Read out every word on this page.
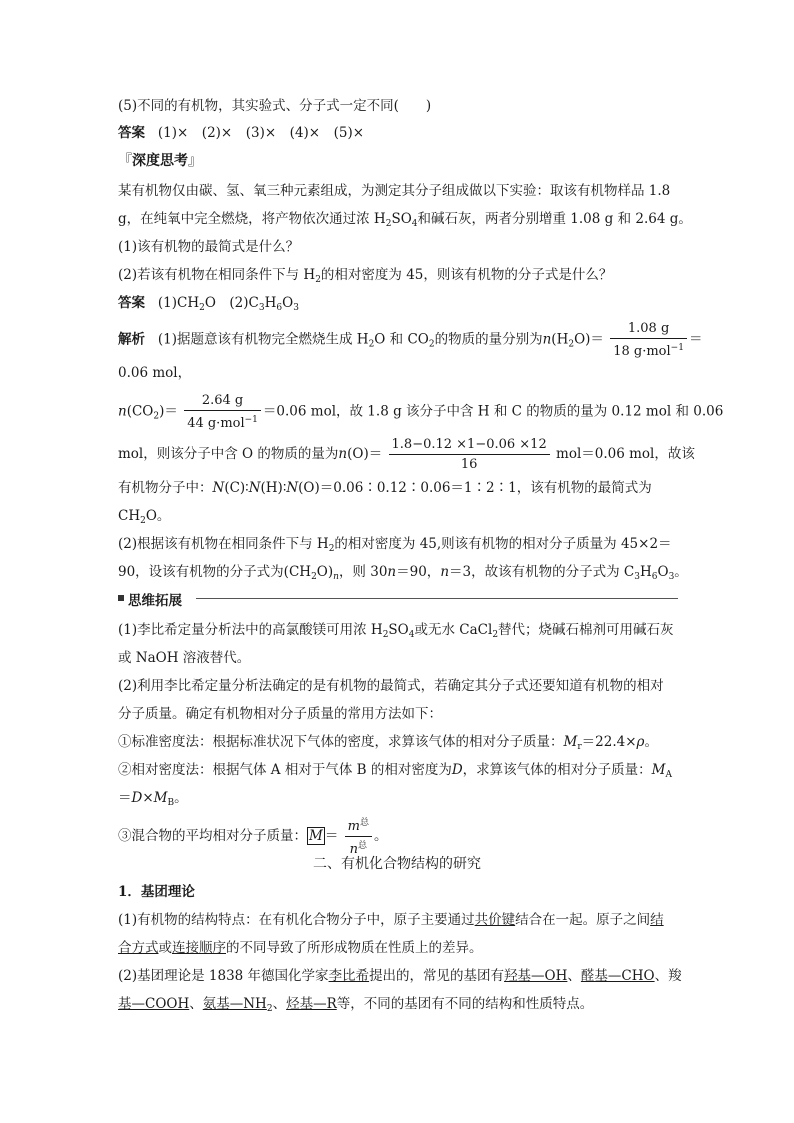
(5)不同的有机物，其实验式、分子式一定不同(　　)
答案 (1)×　(2)×　(3)×　(4)×　(5)×
『深度思考』
某有机物仅由碳、氢、氧三种元素组成，为测定其分子组成做以下实验：取该有机物样品 1.8
g，在纯氧中完全燃烧，将产物依次通过浓 $H_2SO_4$和碱石灰，两者分别增重 1.08 g 和 2.64 g。
(1)该有机物的最简式是什么？
(2)若该有机物在相同条件下与 $H_2$的相对密度为 45，则该有机物的分子式是什么？
答案 $(1)CH_2O$　$(2)C_3H_6O_3$
解析 (1)据题意该有机物完全燃烧生成 $H_2O$ 和 $CO_2$的物质的量分别为$n(H_2O)= \frac{1.08 g}{18 g\cdot mol^{-1}}$ ＝
0.06 mol，
$n(CO_2)= \frac{2.64 g}{44 g\cdot mol^{-1}} =0.06$ mol，故 1.8 g 该分子中含 H 和 C 的物质的量为 0.12 mol 和 0.06
mol，则该分子中含 O 的物质的量为$n(O)= \frac{1.8-0.12 \times 1-0.06 \times 12}{16} mol=0.06$ mol，故该
有机物分子中：N(C)∶N(H)∶N(O)＝0.06∶0.12∶0.06＝1∶2∶1，该有机物的最简式为
$CH_2O$。
(2)根据该有机物在相同条件下与 $H_2$的相对密度为 45,则该有机物的相对分子质量为 45×2＝
90，设该有机物的分子式为$(CH_2O)_n$，则 30n＝90，n＝3，故该有机物的分子式为 $C_3H_6O_3$。
思维拓展
(1)李比希定量分析法中的高氯酸镁可用浓 $H_2SO_4$或无水 CaCl$_2$替代；烧碱石棉剂可用碱石灰
或 NaOH 溶液替代。
(2)利用李比希定量分析法确定的是有机物的最简式，若确定其分子式还要知道有机物的相对
分子质量。确定有机物相对分子质量的常用方法如下：
①标准密度法：根据标准状况下气体的密度，求算该气体的相对分子质量：$M_r=22.4\times\rho$。
②相对密度法：根据气体 A 相对于气体 B 的相对密度为D，求算该气体的相对分子质量：$M_A$
$=D\times M_B$。
③混合物的平均相对分子质量： $M = \frac{m^总}{n^总}$ 。
二、有机化合物结构的研究
1．基团理论
(1)有机物的结构特点：在有机化合物分子中，原子主要通过共价键结合在一起。原子之间结
合方式或连接顺序的不同导致了所形成物质在性质上的差异。
(2)基团理论是 1838 年德国化学家李比希提出的，常见的基团有羟基—OH、醛基—CHO、羧
基—COOH、氨基$—NH_2$、烃基—R等，不同的基团有不同的结构和性质特点。
